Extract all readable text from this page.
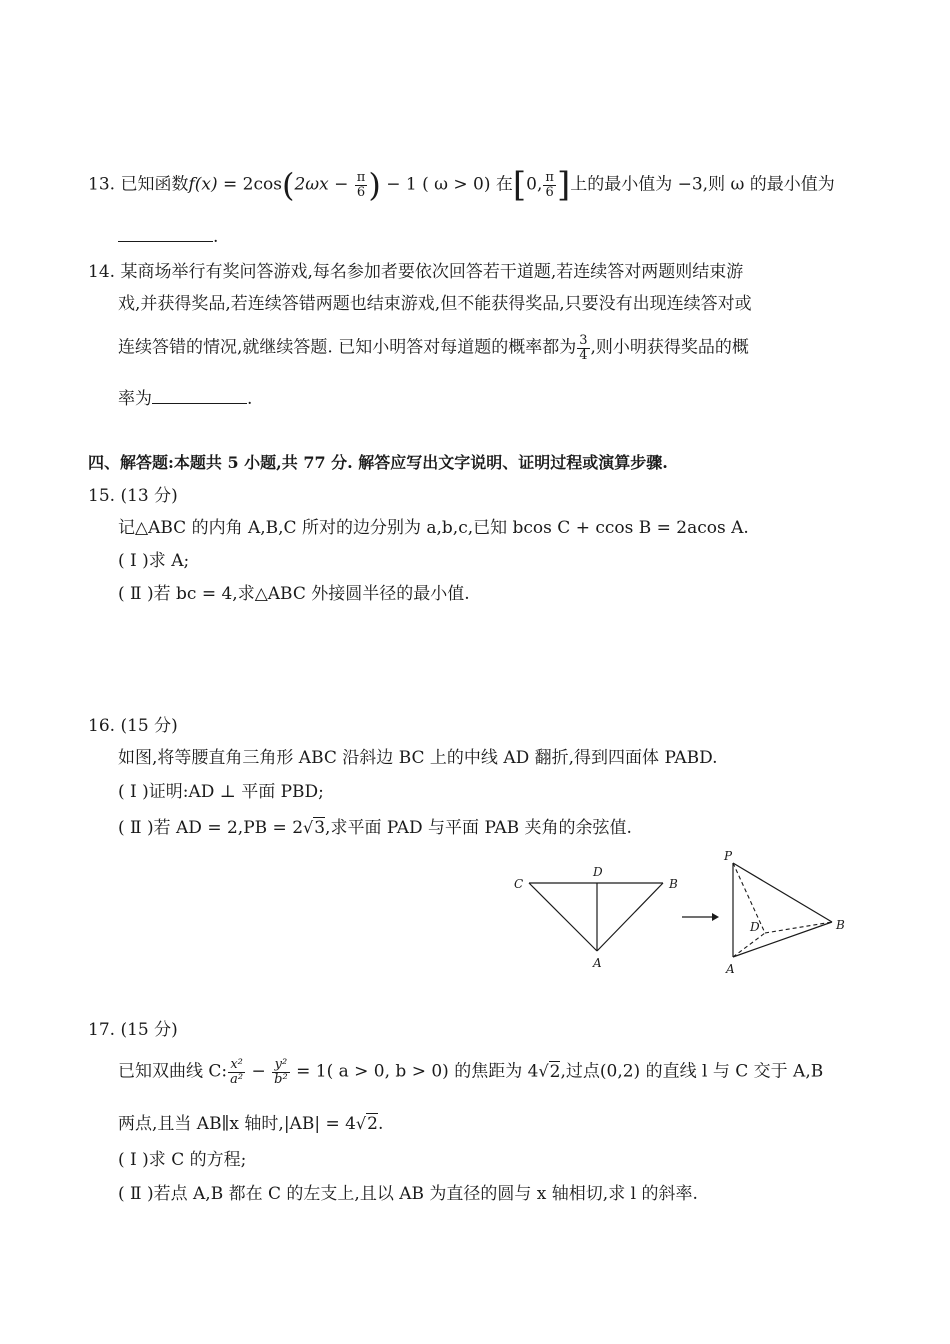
13. 已知函数$f(x) = 2\cos(2\omega x - \frac{\pi}{6}$ ) − 1 ( ω > 0) 在[0, $\frac{\pi}{6}$ ]上的最小值为 −3,则 ω 的最小值为
.
14. 某商场举行有奖问答游戏,每名参加者要依次回答若干道题,若连续答对两题则结束游
戏,并获得奖品,若连续答错两题也结束游戏,但不能获得奖品,只要没有出现连续答对或
连续答错的情况,就继续答题. 已知小明答对每道题的概率都为 $\frac{3}{4}$ ,则小明获得奖品的概
率为	.
四、解答题:本题共 5 小题,共 77 分. 解答应写出文字说明、证明过程或演算步骤.
15. (13 分)
记△ABC 的内角 A,B,C 所对的边分别为 a,b,c,已知 bcos C + ccos B = 2acos A.
( Ⅰ )求 A;
( Ⅱ )若 bc = 4,求△ABC 外接圆半径的最小值.
16. (15 分)
如图,将等腰直角三角形 ABC 沿斜边 BC 上的中线 AD 翻折,得到四面体 PABD.
( Ⅰ )证明:AD ⊥ 平面 PBD;
( Ⅱ )若 AD = 2,PB = 2√3,求平面 PAD 与平面 PAB 夹角的余弦值.
C
D
B
A
P
D	B
A
17. (15 分)
已知双曲线 C: $\frac{\text{x²}}{\text{a²}} - \frac{\text{y²}}{\text{b²}} = 1$( a > 0, b > 0) 的焦距为 4√2,过点(0,2) 的直线 l 与 C 交于 A,B
两点,且当 AB∥x 轴时,|AB| = 4√2.
( Ⅰ )求 C 的方程;
( Ⅱ )若点 A,B 都在 C 的左支上,且以 AB 为直径的圆与 x 轴相切,求 l 的斜率.
